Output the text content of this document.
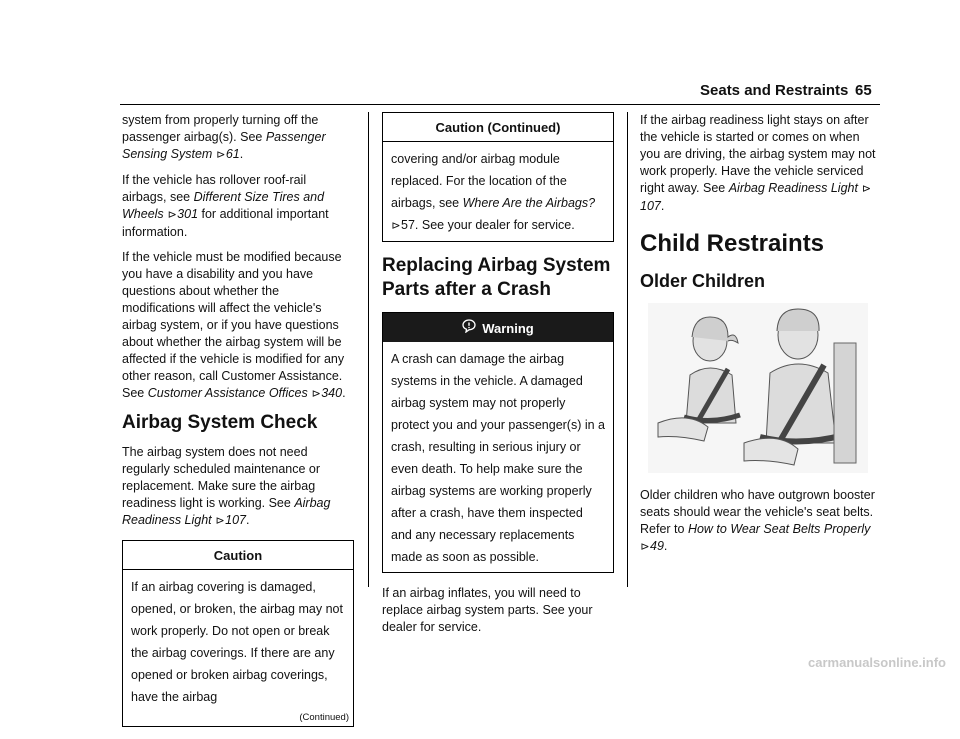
Seats and Restraints 65

system from properly turning off the passenger airbag(s). See Passenger Sensing System ⊳61.

If the vehicle has rollover roof-rail airbags, see Different Size Tires and Wheels ⊳301 for additional important information.

If the vehicle must be modified because you have a disability and you have questions about whether the modifications will affect the vehicle's airbag system, or if you have questions about whether the airbag system will be affected if the vehicle is modified for any other reason, call Customer Assistance. See Customer Assistance Offices ⊳340.

Airbag System Check

The airbag system does not need regularly scheduled maintenance or replacement. Make sure the airbag readiness light is working. See Airbag Readiness Light ⊳107.

Caution
If an airbag covering is damaged, opened, or broken, the airbag may not work properly. Do not open or break the airbag coverings. If there are any opened or broken airbag coverings, have the airbag
(Continued)
Caution (Continued)
covering and/or airbag module replaced. For the location of the airbags, see Where Are the Airbags? ⊳57. See your dealer for service.
Replacing Airbag System Parts after a Crash
Warning
A crash can damage the airbag systems in the vehicle. A damaged airbag system may not properly protect you and your passenger(s) in a crash, resulting in serious injury or even death. To help make sure the airbag systems are working properly after a crash, have them inspected and any necessary replacements made as soon as possible.

If an airbag inflates, you will need to replace airbag system parts. See your dealer for service.

If the airbag readiness light stays on after the vehicle is started or comes on when you are driving, the airbag system may not work properly. Have the vehicle serviced right away. See Airbag Readiness Light ⊳107.

Child Restraints
Older Children

Older children who have outgrown booster seats should wear the vehicle's seat belts. Refer to How to Wear Seat Belts Properly
⊳49.

carmanualsonline.info
